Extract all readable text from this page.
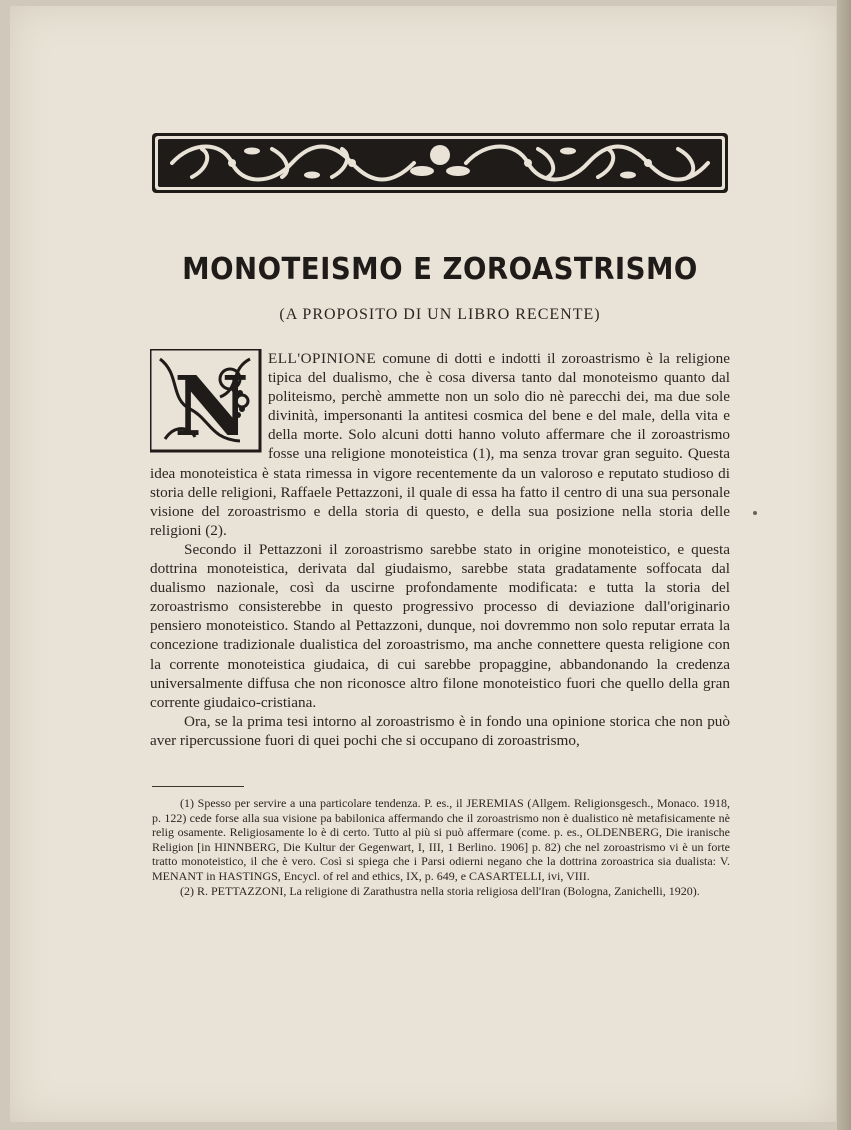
MONOTEISMO E ZOROASTRISMO
(A PROPOSITO DI UN LIBRO RECENTE)
N

ELL'OPINIONE comune di dotti e indotti il zoroastrismo è la religione tipica del dualismo, che è cosa diversa tanto dal monoteismo quanto dal politeismo, perchè ammette non un solo dio nè parecchi dei, ma due sole divinità, impersonanti la antitesi cosmica del bene e del male, della vita e della morte. Solo alcuni dotti hanno voluto affermare che il zoroastrismo fosse una religione monoteistica (1), ma senza trovar gran seguito. Questa idea monoteistica è stata rimessa in vigore recentemente da un valoroso e reputato studioso di storia delle religioni, Raffaele Pettazzoni, il quale di essa ha fatto il centro di una sua personale visione del zoroastrismo e della storia di questo, e della sua posizione nella storia delle religioni (2).

Secondo il Pettazzoni il zoroastrismo sarebbe stato in origine monoteistico, e questa dottrina monoteistica, derivata dal giudaismo, sarebbe stata gradatamente soffocata dal dualismo nazionale, così da uscirne profondamente modificata: e tutta la storia del zoroastrismo consisterebbe in questo progressivo processo di deviazione dall'originario pensiero monoteistico. Stando al Pettazzoni, dunque, noi dovremmo non solo reputar errata la concezione tradizionale dualistica del zoroastrismo, ma anche connettere questa religione con la corrente monoteistica giudaica, di cui sarebbe propaggine, abbandonando la credenza universalmente diffusa che non riconosce altro filone monoteistico fuori che quello della gran corrente giudaico-cristiana.

Ora, se la prima tesi intorno al zoroastrismo è in fondo una opinione storica che non può aver ripercussione fuori di quei pochi che si occupano di zoroastrismo,

(1) Spesso per servire a una particolare tendenza. P. es., il JEREMIAS (Allgem. Religionsgesch., Monaco. 1918, p. 122) cede forse alla sua visione pa babilonica affermando che il zoroastrismo non è dualistico nè metafisicamente nè relig osamente. Religiosamente lo è di certo. Tutto al più si può affermare (come. p. es., OLDENBERG, Die iranische Religion [in HINNBERG, Die Kultur der Gegenwart, I, III, 1 Berlino. 1906] p. 82) che nel zoroastrismo vi è un forte tratto monoteistico, il che è vero. Così si spiega che i Parsi odierni negano che la dottrina zoroastrica sia dualista: V. MENANT in HASTINGS, Encycl. of rel and ethics, IX, p. 649, e CASARTELLI, ivi, VIII.

(2) R. PETTAZZONI, La religione di Zarathustra nella storia religiosa dell'Iran (Bologna, Zanichelli, 1920).
